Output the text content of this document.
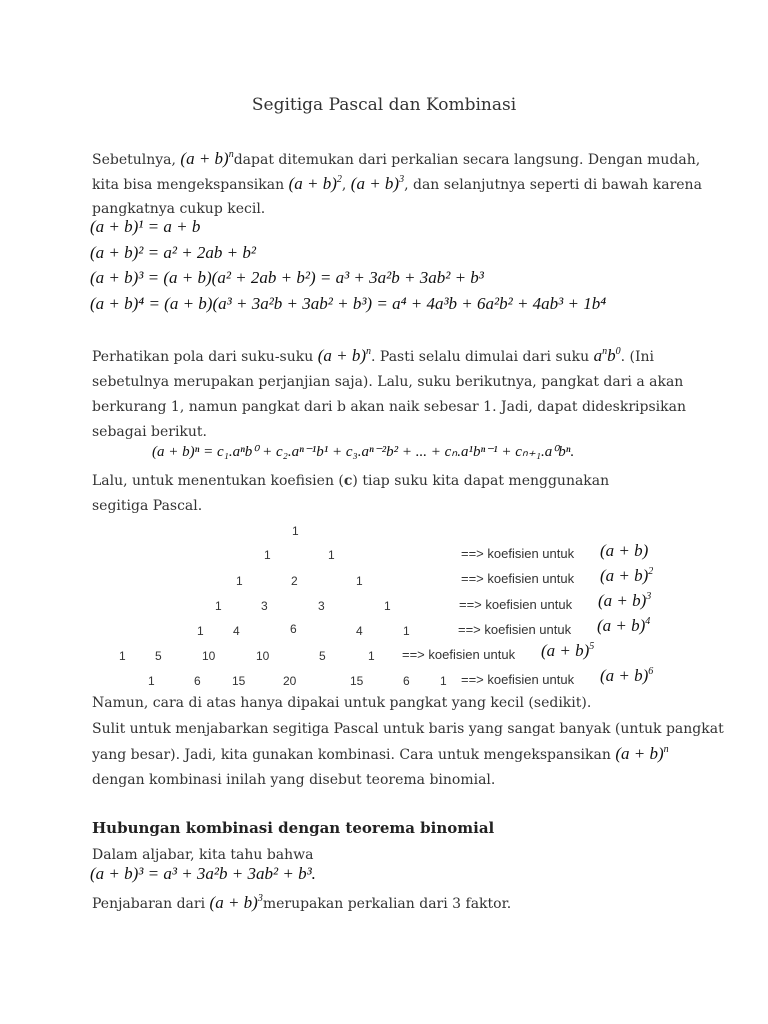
Segitiga Pascal dan Kombinasi
Sebetulnya, $(a + b)^ndapat$ ditemukan dari perkalian secara langsung. Dengan mudah,
kita bisa mengekspansikan $(a + b)^2$, $(a + b)^3$, dan selanjutnya seperti di bawah karena
pangkatnya cukup kecil.
(a + b)¹ = a + b
(a + b)² = a² + 2ab + b²
(a + b)³ = (a + b)(a² + 2ab + b²) = a³ + 3a²b + 3ab² + b³
(a + b)⁴ = (a + b)(a³ + 3a²b + 3ab² + b³) = a⁴ + 4a³b + 6a²b² + 4ab³ + 1b⁴
Perhatikan pola dari suku-suku $(a + b)^n$. Pasti selalu dimulai dari suku $a^nb^0$. (Ini
sebetulnya merupakan perjanjian saja). Lalu, suku berikutnya, pangkat dari a akan
berkurang 1, namun pangkat dari b akan naik sebesar 1. Jadi, dapat dideskripsikan
sebagai berikut.
(a + b)ⁿ = c₁.aⁿb⁰ + c₂.aⁿ⁻¹b¹ + c₃.aⁿ⁻²b² + ... + cₙ.a¹bⁿ⁻¹ + cₙ₊₁.a⁰bⁿ.
Lalu, untuk menentukan koefisien (c) tiap suku kita dapat menggunakan
segitiga Pascal.
1
1	1	==> koefisien untuk (a + b)
1	2	1	==> koefisien untuk $(a + b)^2$
1	3	3	1	==> koefisien untuk $(a + b)^3$
1 4	6	4	1	==> koefisien untuk $(a + b)^4$
1 5	10	10	5	1 ==> koefisien untuk $(a + b)^5$
1	6	15	20	15	6	1 ==> koefisien untuk $(a + b)^6$
Namun, cara di atas hanya dipakai untuk pangkat yang kecil (sedikit).
Sulit untuk menjabarkan segitiga Pascal untuk baris yang sangat banyak (untuk pangkat
yang besar). Jadi, kita gunakan kombinasi. Cara untuk mengekspansikan $(a + b)^n$
dengan kombinasi inilah yang disebut teorema binomial.
Hubungan kombinasi dengan teorema binomial
Dalam aljabar, kita tahu bahwa
(a + b)³ = a³ + 3a²b + 3ab² + b³.
Penjabaran dari $(a + b)^3merupakan$ perkalian dari 3 faktor.
